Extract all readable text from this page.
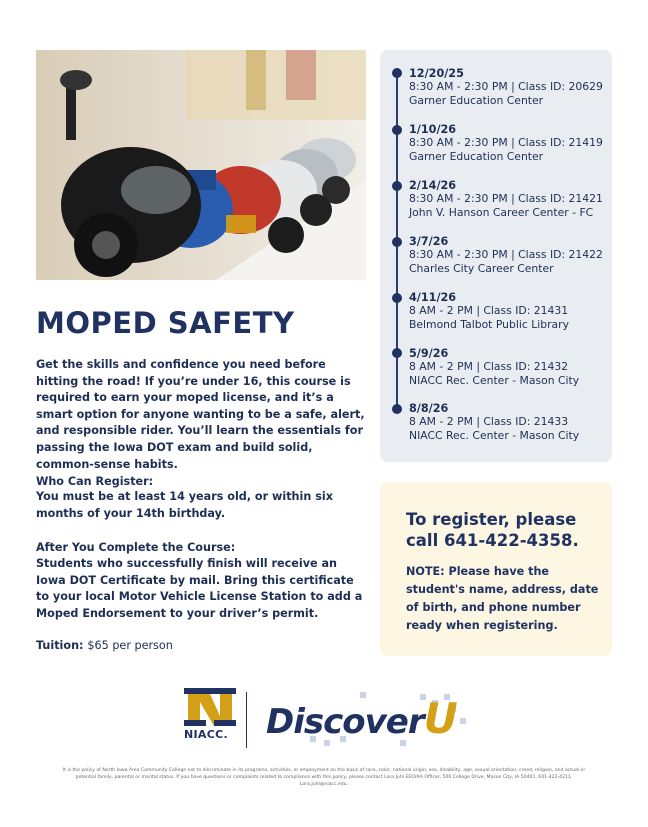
MOPED SAFETY
Get the skills and confidence you need before hitting the road! If you’re under 16, this course is required to earn your moped license, and it’s a smart option for anyone wanting to be a safe, alert, and responsible rider. You’ll learn the essentials for passing the Iowa DOT exam and build solid, common-sense habits.
Who Can Register:
You must be at least 14 years old, or within six months of your 14th birthday.
After You Complete the Course:
Students who successfully finish will receive an Iowa DOT Certificate by mail. Bring this certificate to your local Motor Vehicle License Station to add a Moped Endorsement to your driver’s permit.
Tuition: $65 per person
12/20/25
8:30 AM - 2:30 PM | Class ID: 20629
Garner Education Center
1/10/26
8:30 AM - 2:30 PM | Class ID: 21419
Garner Education Center
2/14/26
8:30 AM - 2:30 PM | Class ID: 21421
John V. Hanson Career Center - FC
3/7/26
8:30 AM - 2:30 PM | Class ID: 21422
Charles City Career Center
4/11/26
8 AM - 2 PM | Class ID: 21431
Belmond Talbot Public Library
5/9/26
8 AM - 2 PM | Class ID: 21432
NIACC Rec. Center - Mason City
8/8/26
8 AM - 2 PM | Class ID: 21433
NIACC Rec. Center - Mason City
To register, please call 641-422-4358.
NOTE: Please have the student's name, address, date of birth, and phone number ready when registering.
NIACC.	DiscoverU
It is the policy of North Iowa Area Community College not to discriminate in its programs, activities, or employment on the basis of race, color, national origin, sex, disability, age, sexual orientation, creed, religion, and actual or potential family, parental or marital status. If you have questions or complaints related to compliance with this policy, please contact Lora Juhl EEO/AA Officer, 500 College Drive, Mason City, IA 50401, 641-422-4211, Lora.Juhl@niacc.edu.
